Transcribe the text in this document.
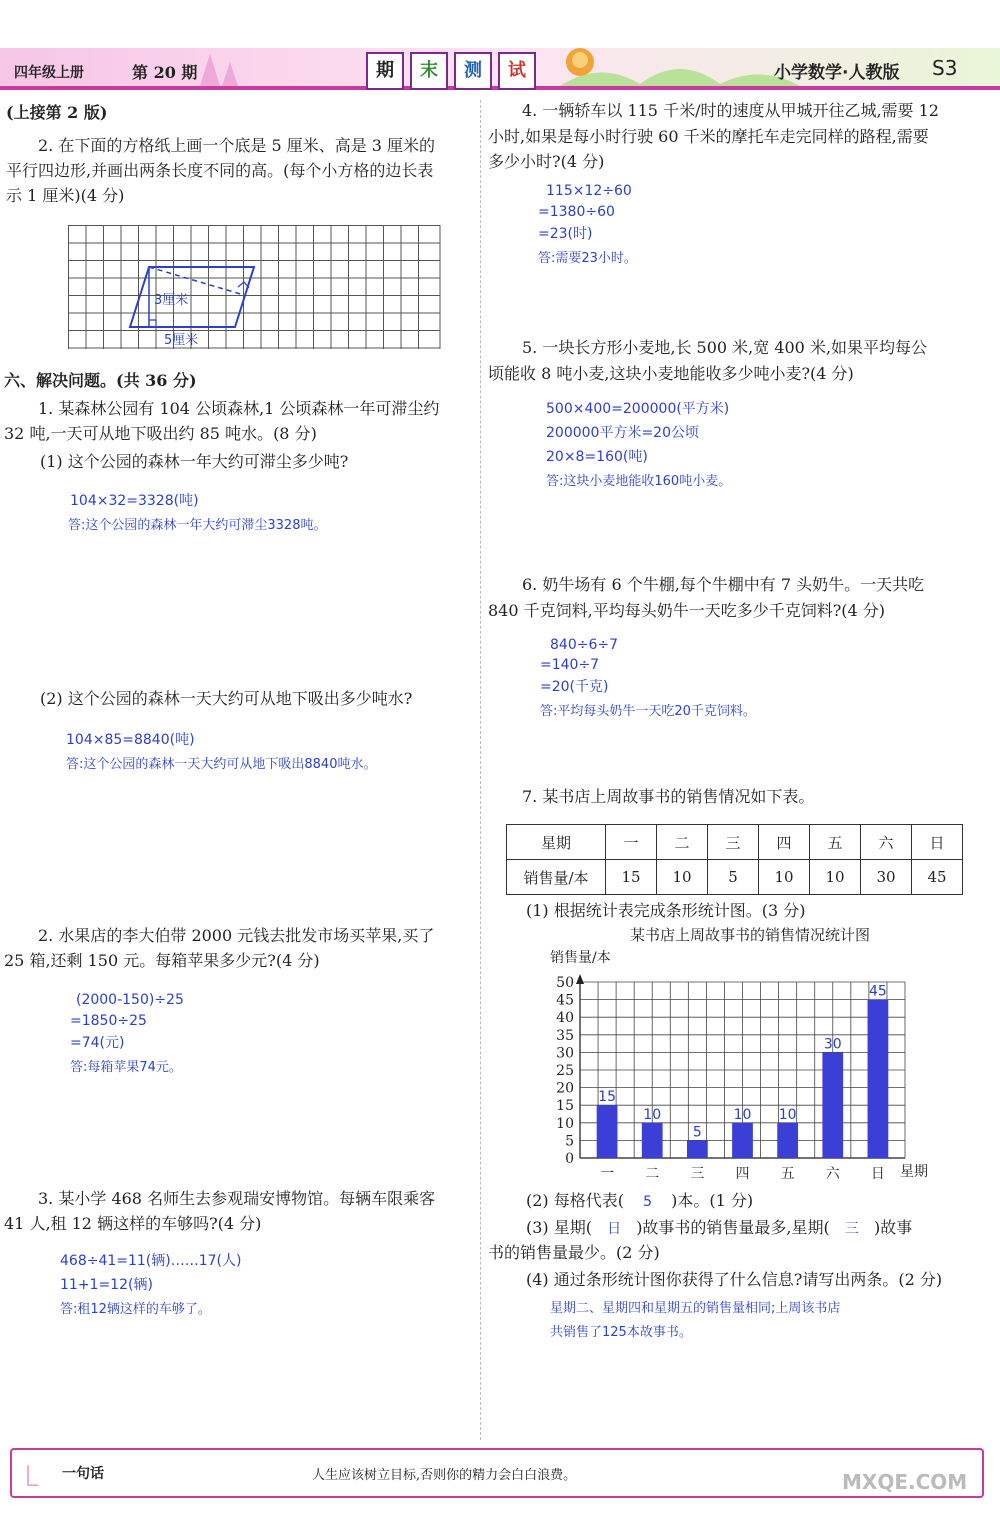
四年级上册	第 20 期	期	末	测	试	小学数学·人教版 S3
(上接第 2 版)
2. 在下面的方格纸上画一个底是 5 厘米、高是 3 厘米的
平行四边形,并画出两条长度不同的高。(每个小方格的边长表
示 1 厘米)(4 分)
3厘米
5厘米
六、解决问题。(共 36 分)
1. 某森林公园有 104 公顷森林,1 公顷森林一年可滞尘约
32 吨,一天可从地下吸出约 85 吨水。(8 分)
(1) 这个公园的森林一年大约可滞尘多少吨?
104×32=3328(吨)
答:这个公园的森林一年大约可滞尘3328吨。
(2) 这个公园的森林一天大约可从地下吸出多少吨水?
104×85=8840(吨)
答:这个公园的森林一天大约可从地下吸出8840吨水。
2. 水果店的李大伯带 2000 元钱去批发市场买苹果,买了
25 箱,还剩 150 元。每箱苹果多少元?(4 分)
(2000-150)÷25
=1850÷25
=74(元)
答:每箱苹果74元。
3. 某小学 468 名师生去参观瑞安博物馆。每辆车限乘客
41 人,租 12 辆这样的车够吗?(4 分)
468÷41=11(辆)……17(人)
11+1=12(辆)
答:租12辆这样的车够了。
4. 一辆轿车以 115 千米/时的速度从甲城开往乙城,需要 12
小时,如果是每小时行驶 60 千米的摩托车走完同样的路程,需要
多少小时?(4 分)
115×12÷60
=1380÷60
=23(时)
答:需要23小时。
5. 一块长方形小麦地,长 500 米,宽 400 米,如果平均每公
顷能收 8 吨小麦,这块小麦地能收多少吨小麦?(4 分)
500×400=200000(平方米)
200000平方米=20公顷
20×8=160(吨)
答:这块小麦地能收160吨小麦。
6. 奶牛场有 6 个牛棚,每个牛棚中有 7 头奶牛。一天共吃
840 千克饲料,平均每头奶牛一天吃多少千克饲料?(4 分)
840÷6÷7
=140÷7
=20(千克)
答:平均每头奶牛一天吃20千克饲料。
7. 某书店上周故事书的销售情况如下表。
星期	一	二	三	四	五	六	日
销售量/本	15	10	5	10	10	30	45
(1) 根据统计表完成条形统计图。(3 分)
某书店上周故事书的销售情况统计图
销售量/本
星期
0
5
10
15
20
25
30
35
40
45
50
一 二 三 四 五 六 日
15
10
5
10 10
30
45
(2) 每格代表( 5 )本。(1 分)
(3) 星期( 日 )故事书的销售量最多,星期( 三 )故事
书的销售量最少。(2 分)
(4) 通过条形统计图你获得了什么信息?请写出两条。(2 分)
星期二、星期四和星期五的销售量相同;上周该书店
共销售了125本故事书。
⎿ 一句话	人生应该树立目标,否则你的精力会白白浪费。	MXQE.COM
